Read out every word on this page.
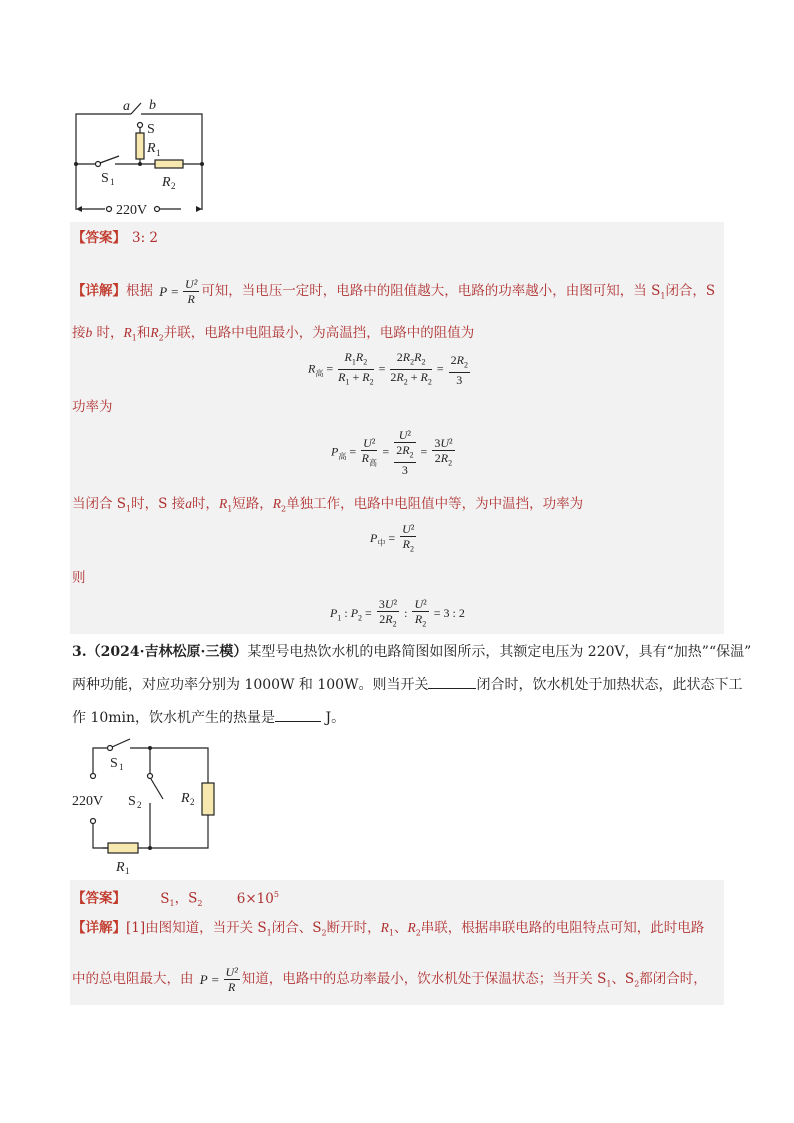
a b
S
R 1
S 1	R 2
220V
【答案】 3: 2
【详解】根据 $P = \frac{\text{U²}}{R}$ 可知，当电压一定时，电路中的阻值越大，电路的功率越小，由图可知，当 $S_1$闭合，S
接b 时，$R_1$和$R_2$并联，电路中电阻最小，为高温挡，电路中的阻值为
$R_高 = \frac{R_1R_2}{R_1 + R_2} = \frac{2R_2R_2}{2R_2 + R_2} = \frac{2R_2}{3}$
功率为
$P_高 = \frac{\text{U²}}{R_高} = \frac{\text{U²}}{\frac{2R_2}{3}} = \frac{\text{3U²}}{2R_2}$
当闭合 $S_1$时，S 接a时，$R_1$短路，$R_2$单独工作，电路中电阻值中等，为中温挡，功率为
$P_中 = \frac{\text{U²}}{R_2}$
则
$P_1$ : $P_2 = \frac{\text{3U²}}{2R_2}$ : $\frac{\text{U²}}{R_2} = 3$ : 2
3.（2024·吉林松原·三模）某型号电热饮水机的电路简图如图所示，其额定电压为 220V，具有“加热”“保温”
两种功能，对应功率分别为 1000W 和 100W。则当开关	闭合时，饮水机处于加热状态，此状态下工
作 10min，饮水机产生的热量是	J。
S 1
220V S 2	R 2
R 1
【答案】	$S_1$，$S_2$	$6\times 10^5$
【详解】[1]由图知道，当开关 $S_1$闭合、$S_2$断开时，$R_1$、$R_2$串联，根据串联电路的电阻特点可知，此时电路
中的总电阻最大，由 $P = \frac{\text{U²}}{R}$ 知道，电路中的总功率最小，饮水机处于保温状态；当开关 $S_1$、$S_2$都闭合时，
